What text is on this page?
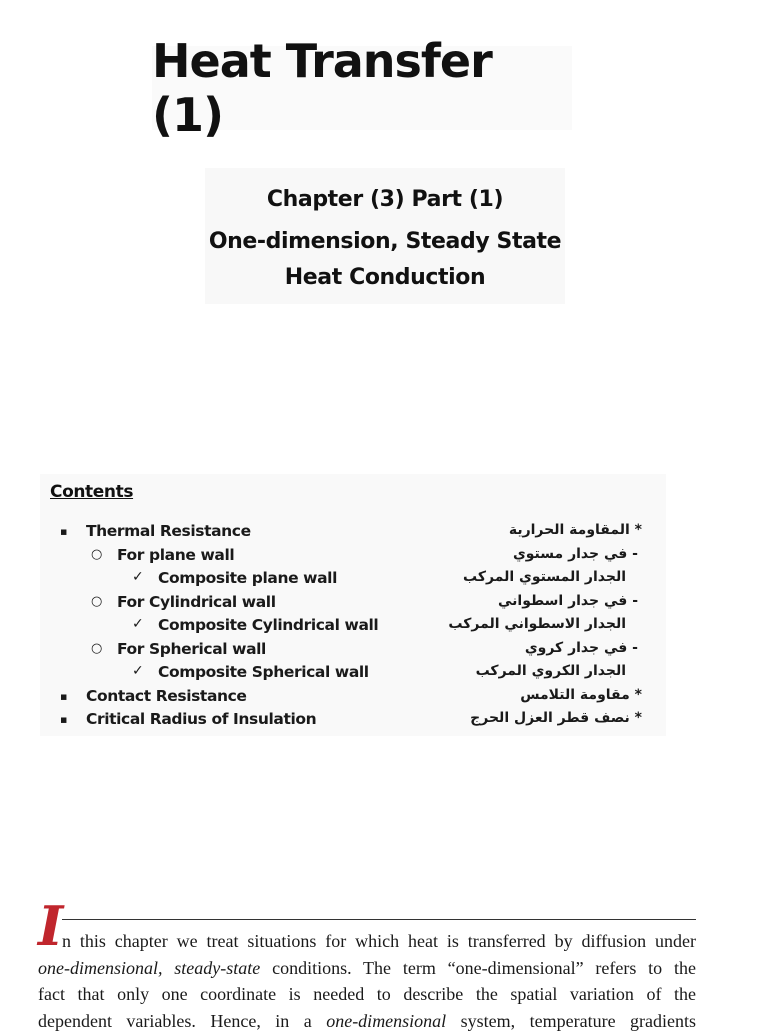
Heat Transfer (1)
Chapter (3) Part (1)
One-dimension, Steady State
Heat Conduction
Contents
▪ Thermal Resistance	* المقاومة الحرارية
○ For plane wall	- في جدار مستوي
✓ Composite plane wall	الجدار المستوي المركب
○ For Cylindrical wall	- في جدار اسطواني
✓ Composite Cylindrical wall	الجدار الاسطواني المركب
○ For Spherical wall	- في جدار كروي
✓ Composite Spherical wall	الجدار الكروي المركب
▪ Contact Resistance	* مقاومة التلامس
▪ Critical Radius of Insulation	* نصف قطر العزل الحرج
I
n this chapter we treat situations for which heat is transferred by diffusion under
one-dimensional, steady-state conditions. The term “one-dimensional” refers to the
fact that only one coordinate is needed to describe the spatial variation of the
dependent variables. Hence, in a one-dimensional system, temperature gradients
